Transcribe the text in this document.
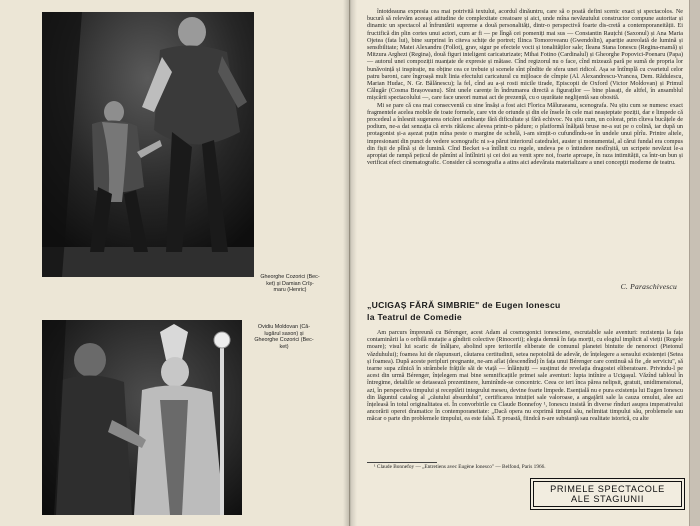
Gheorghe Cozorici (Bec-
ket) și Damian Crîș-
maru (Henric)
Ovidiu Moldovan (Că-
lugărul saxon) și
Gheorghe Cozorici (Bec-
ket)

întotdeauna expresia cea mai potrivită textului, acordul dinăuntru, care să o poată defini scenic exact și spectacolos. Ne bucură să relevăm aceeași atitudine de complexitate creatoare și aici, unde mîna nevăzutului constructor compune autoritar și dinamic un spectacol al înfruntării supreme a două personalități, dintr-o perspectivă foarte dis-cretă a contemporaneității. Ei fructifică din plin cortes unui actori, cum ar fi — pe lîngă cei pomeniți mai sus — Constantin Rauțchi (Saxonul) și Ana Maria Ojetea (fata lui), bine surprinsi în citeva schițe de portret; Ilinca Tomoroveanu (Gwendolin), apariție aureolată de lumină și sensibilitate; Matei Alexandru (Follot), grav, sigur pe efectele vocii și tonalităților sale; Ileana Stana Ionescu (Regina-mamă) și Mitzura Arghezi (Regina), două figuri inteligent caricaturizate; Mihai Fotino (Cardinalul) și Gheorghe Popovici-Poenaru (Papa) — autorul unei compoziții nuanțate de expresie și mătase. Cînd regizorul nu o face, cînd mizează pară pe sumă de propria lor bunăvoință și inspirație, nu obține cea ce trebuie și scenele sînt pîndite de sfera unei ridicol. Așa se întîmplă cu cvartetul celor patru baroni, care îngroașă mult linia efectului caricatural cu mijloace de cîmpie (Al. Alexandrescu-Vrancea, Dem. Rădulescu, Marian Hudac, N. Gr. Bălănescu); la fel, cînd au a-și rosti micile tirade, Episcopii de Oxford (Victor Moldovan) și Primul Călugăr (Cosma Brașoveanu). Sînt unele carențe în îndrumarea directă a figuraților — bine plasați, de altfel, în ansamblul mișcării spectacolului —, care face uneori numai act de prezență, cu o ușurătate neglijentă sau obosită.

Mi se pare că cea mai consecventă cu sine însăși a fost aici Florica Măluraeanu, scenografa. Nu știu cum se numesc exact fragmentele acelea mobile de toate formele, care vin de oriunde și din ele însele în cele mai neașteptate poziții, dar e limpede că procedeul a înlesnit sugerarea oricărei ambianțe fără dificultate și fără echivoc. Nu știu cum, un colorat, prin cîteva bucățele de podium, ne-a dat senzația că ervis rătăcesc alevea printr-o pădure; o platformă înălțată bruse ne-a sut pe o colină, iar după un protagonist și-a așezat puțin mîna peste o margine de schelă, i-am simțit-o cufundîndu-se în undele unui pîrîu. Printre altele, impresionant din punct de vedere scenografic ni s-a părut interiorul catedralei, auster și monumental, al cărui fundal era compus din fișii de plînă și de lumină. Cînd Becket s-a întîlnit cu regele, undeva pe o întindere nesfîrșită, un scripete nevăzut le-a apropiat de rampă pețicul de pămînt al întîlnirii și cei doi au venit spre noi, foarte aproape, în raza intimității, ca într-un bun și verificat efect cinematografic. Consider că scenografia a atins aici adevărata materializare a unei concepții moderne de teatru.

C. Paraschivescu
„UCIGAȘ FĂRĂ SIMBRIE" de Eugen Ionescu
la Teatrul de Comedie

Am parcurs împreună cu Bérenger, acest Adam al cosmogonici ionesciene, escrutabile sale aventuri: rezistența la fața contaminării la o oribilă mutație a gîndirii colective (Rinocerii); elegia demnă în fața morții, cu elogiul implicit al vieții (Regele moare); visul lui scaric de înălțare, abolind spre teritoriile eliberate de comunul planetei bintuite de nenoroci (Pietonul văzduhului); foamea lui de răspunsuri, căutarea certitudinii, setea nepotolită de adevăr, de înțelegere a sensului existenței (Setea și foamea). După aceste peripluri pregnante, ne-am aflat (descendînd) în fața unui Bérenger care continuă să fie „de serviciu", să tearne supa zilnică în strâmbele frățiile săi de viață — înlănțuiți — susținut de revelația dragostei eliberatoare. Privindu-l pe acest din urmă Bérenger, înțelegem mai bine semnificațiile primei sale aventuri: lupta intînire a Ucigașul. Văzînd tabloul în întregime, detaliile se detasează prezentinere, luminînde-se concentric. Ceea ce ieri înca părea nelipsit, gratuit, unidimensional, azi, în perspectiva timpului și receptării integrului meseu, devine foarte limpede. Esențială nu e pura existența lui Eugen Ionescu din lăguntul catalog al „căutului absurdului", certificarea intuiției sale valoroase, a angajării sale la cauza omului, alee azi înțeleasă în totul originalitatea ei. În convorbirile cu Claude Bonnefoy ¹, Ionescu insistă în diverse rînduri asupra imperativului ancorării operei dramatice în contemporaneitate: „Dacă opera nu exprimă timpul său, nelimitat timpului său, problemele sau măcar o parte din problemele timpului, ea este falsă. E proastă, fiindcă n-are substanță sau realitate istorică, cu alte

¹ Claude Bonnefoy — „Entretiens avec Eugène Ionesco" — Belfond, Paris 1966.
PRIMELE SPECTACOLE
ALE STAGIUNII
